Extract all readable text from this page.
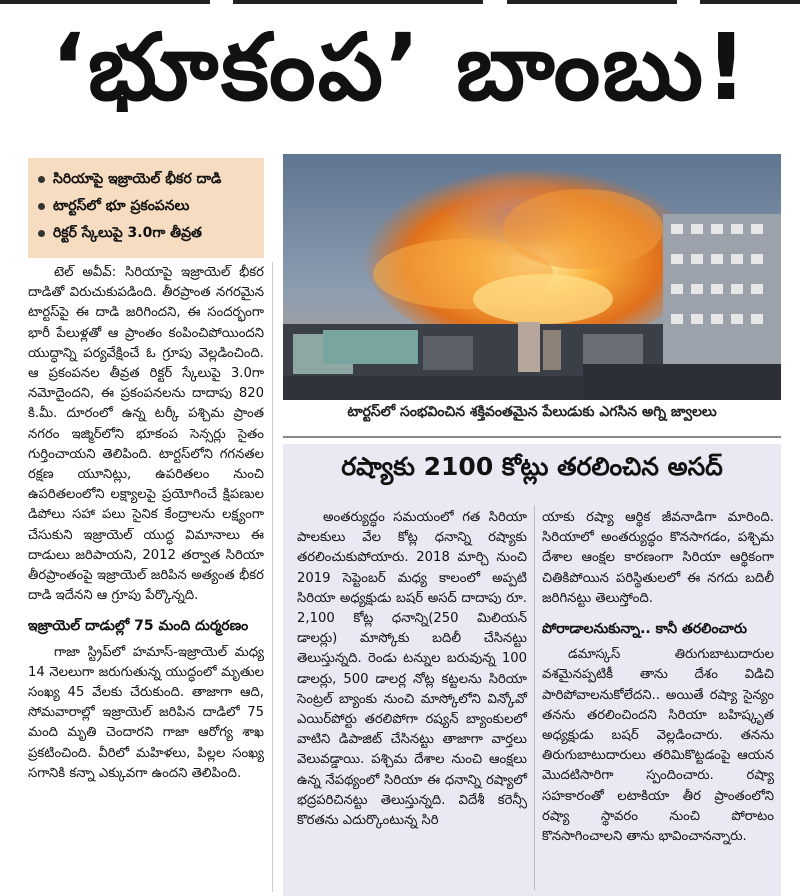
‘భూకంప’ బాంబు!
సిరియాపై ఇజ్రాయెల్ భీకర దాడి
టార్టస్‌లో భూ ప్రకంపనలు
రిక్టర్ స్కేలుపై 3.0గా తీవ్రత

టెల్ అవీవ్: సిరియాపై ఇజ్రాయెల్ భీకర దాడితో విరుచుకుపడింది. తీరప్రాంత నగరమైన టార్టస్‌పై ఈ దాడి జరిగిందని, ఈ సందర్భంగా భారీ పేలుళ్లతో ఆ ప్రాంతం కంపించిపోయిందని యుద్ధాన్ని పర్యవేక్షించే ఓ గ్రూపు వెల్లడించింది. ఆ ప్రకంపనల తీవ్రత రిక్టర్ స్కేలుపై 3.0గా నమోదైందని, ఈ ప్రకంపనలను దాదాపు 820 కి.మీ. దూరంలో ఉన్న టర్కీ పశ్చిమ ప్రాంత నగరం ఇజ్మిర్‌లోని భూకంప సెన్సర్లు సైతం గుర్తించాయని తెలిపింది. టార్టస్‌లోని గగనతల రక్షణ యూనిట్లు, ఉపరితలం నుంచి ఉపరితలంలోని లక్ష్యాలపై ప్రయోగించే క్షిపణుల డిపోలు సహా పలు సైనిక కేంద్రాలను లక్ష్యంగా చేసుకుని ఇజ్రాయెల్ యుద్ధ విమానాలు ఈ దాడులు జరిపాయని, 2012 తర్వాత సిరియా తీరప్రాంతంపై ఇజ్రాయెల్ జరిపిన అత్యంత భీకర దాడి ఇదేనని ఆ గ్రూపు పేర్కొన్నది.

ఇజ్రాయెల్ దాడుల్లో 75 మంది దుర్మరణం

గాజా స్ట్రిప్‌లో హమాస్-ఇజ్రాయెల్ మధ్య 14 నెలలుగా జరుగుతున్న యుద్ధంలో మృతుల సంఖ్య 45 వేలకు చేరుకుంది. తాజాగా ఆది, సోమవారాల్లో ఇజ్రాయెల్ జరిపిన దాడిలో 75 మంది మృతి చెందారని గాజా ఆరోగ్య శాఖ ప్రకటించింది. వీరిలో మహిళలు, పిల్లల సంఖ్య సగానికి కన్నా ఎక్కువగా ఉందని తెలిపింది.

టార్టస్‌లో సంభవించిన శక్తివంతమైన పేలుడుకు ఎగసిన అగ్ని జ్వాలలు
రష్యాకు 2100 కోట్లు తరలించిన అసద్

అంతర్యుద్ధం సమయంలో గత సిరియా పాలకులు వేల కోట్ల ధనాన్ని రష్యాకు తరలించుకుపోయారు. 2018 మార్చి నుంచి 2019 సెప్టెంబర్ మధ్య కాలంలో అప్పటి సిరియా అధ్యక్షుడు బషర్ అసద్ దాదాపు రూ. 2,100 కోట్ల ధనాన్ని(250 మిలియన్ డాలర్లు) మాస్కోకు బదిలీ చేసినట్టు తెలుస్తున్నది. రెండు టన్నుల బరువున్న 100 డాలర్లు, 500 డాలర్ల నోట్ల కట్టలను సిరియా సెంట్రల్ బ్యాంకు నుంచి మాస్కోలోని విన్కోవో ఎయిర్‌పోర్టు తరలిపోగా రష్యన్ బ్యాంకులలో వాటిని డిపాజిట్ చేసినట్టు తాజాగా వార్తలు వెలువడ్డాయి. పశ్చిమ దేశాల నుంచి ఆంక్షలు ఉన్న నేపథ్యంలో సిరియా ఈ ధనాన్ని రష్యాలో భద్రపరిచినట్టు తెలుస్తున్నది. విదేశీ కరెన్సీ కొరతను ఎదుర్కొంటున్న సిరి

యాకు రష్యా ఆర్థిక జీవనాడిగా మారింది. సిరియాలో అంతర్యుద్ధం కొనసాగడం, పశ్చిమ దేశాల ఆంక్షల కారణంగా సిరియా ఆర్థికంగా చితికిపోయిన పరిస్థితులలో ఈ నగదు బదిలీ జరిగినట్టు తెలుస్తోంది.

పోరాడాలనుకున్నా.. కానీ తరలించారు

డమాస్కస్ తిరుగుబాటుదారుల వశమైనప్పటికీ తాను దేశం విడిచి పారిపోవాలనుకోలేదని.. అయితే రష్యా సైన్యం తనను తరలించిందని సిరియా బహిష్కృత అధ్యక్షుడు బషర్ వెల్లడించారు. తనను తిరుగుబాటుదారులు తరిమికొట్టడంపై ఆయన మొదటిసారిగా స్పందించారు. రష్యా సహకారంతో లటాకియా తీర ప్రాంతంలోని రష్యా స్థావరం నుంచి పోరాటం కొనసాగించాలని తాను భావించానన్నారు.
